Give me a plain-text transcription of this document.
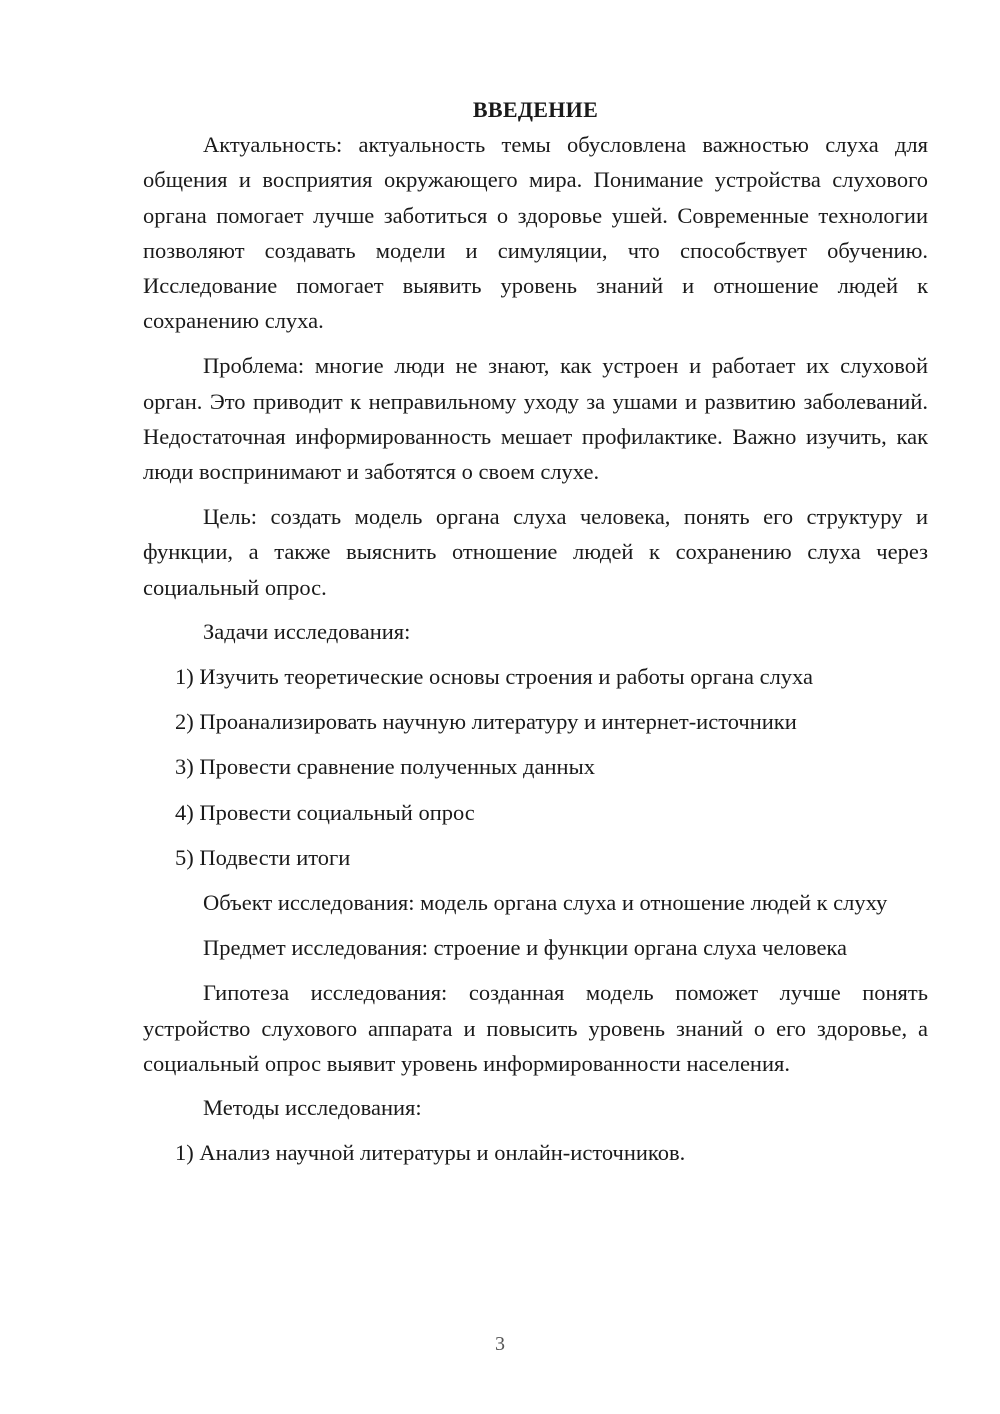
ВВЕДЕНИЕ

Актуальность: актуальность темы обусловлена важностью слуха для общения и восприятия окружающего мира. Понимание устройства слухового органа помогает лучше заботиться о здоровье ушей. Современные технологии позволяют создавать модели и симуляции, что способствует обучению. Исследование помогает выявить уровень знаний и отношение людей к сохранению слуха.

Проблема: многие люди не знают, как устроен и работает их слуховой орган. Это приводит к неправильному уходу за ушами и развитию заболеваний. Недостаточная информированность мешает профилактике. Важно изучить, как люди воспринимают и заботятся о своем слухе.

Цель: создать модель органа слуха человека, понять его структуру и функции, а также выяснить отношение людей к сохранению слуха через социальный опрос.

Задачи исследования:

1) Изучить теоретические основы строения и работы органа слуха
2) Проанализировать научную литературу и интернет-источники
3) Провести сравнение полученных данных
4) Провести социальный опрос
5) Подвести итоги

Объект исследования: модель органа слуха и отношение людей к слуху

Предмет исследования: строение и функции органа слуха человека

Гипотеза исследования: созданная модель поможет лучше понять устройство слухового аппарата и повысить уровень знаний о его здоровье, а социальный опрос выявит уровень информированности населения.

Методы исследования:

1) Анализ научной литературы и онлайн-источников.
3
